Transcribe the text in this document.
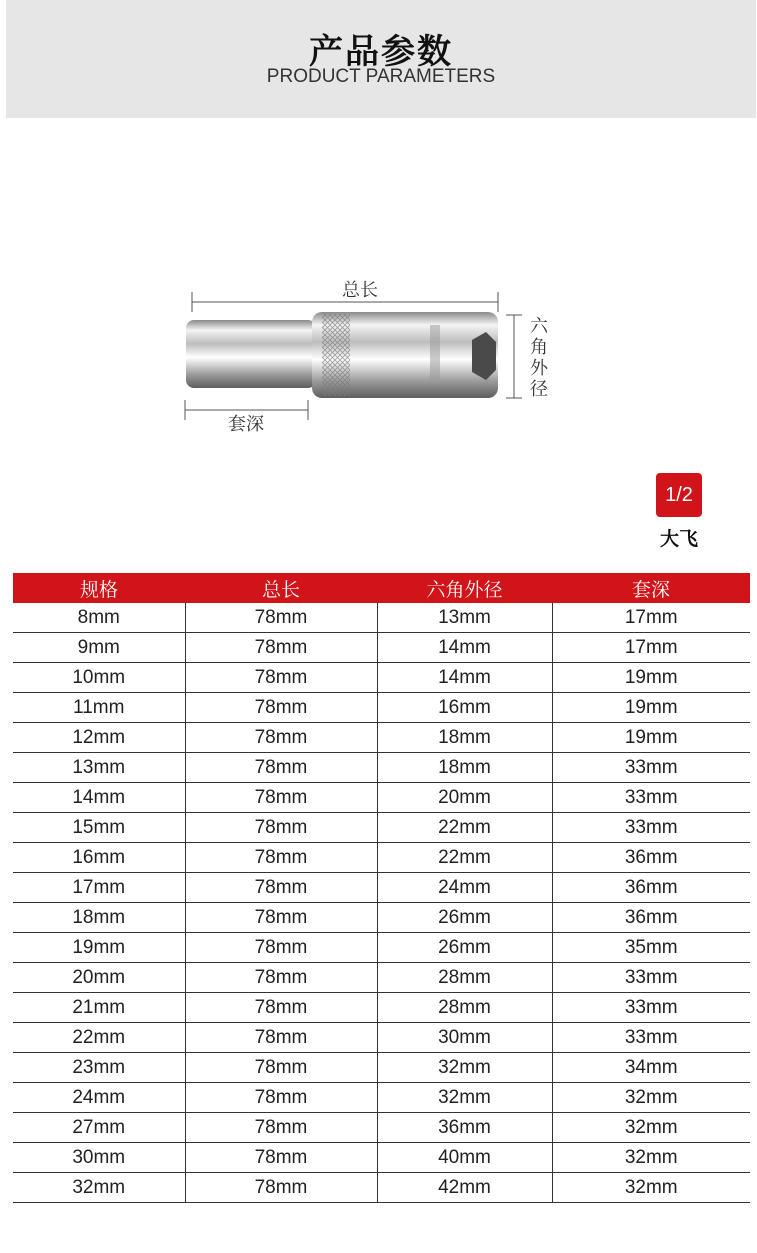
产品参数
PRODUCT PARAMETERS
总长
六角外径
套深
1/2
大飞
规格	总长	六角外径	套深
8mm	78mm	13mm	17mm
9mm	78mm	14mm	17mm
10mm	78mm	14mm	19mm
11mm	78mm	16mm	19mm
12mm	78mm	18mm	19mm
13mm	78mm	18mm	33mm
14mm	78mm	20mm	33mm
15mm	78mm	22mm	33mm
16mm	78mm	22mm	36mm
17mm	78mm	24mm	36mm
18mm	78mm	26mm	36mm
19mm	78mm	26mm	35mm
20mm	78mm	28mm	33mm
21mm	78mm	28mm	33mm
22mm	78mm	30mm	33mm
23mm	78mm	32mm	34mm
24mm	78mm	32mm	32mm
27mm	78mm	36mm	32mm
30mm	78mm	40mm	32mm
32mm	78mm	42mm	32mm
